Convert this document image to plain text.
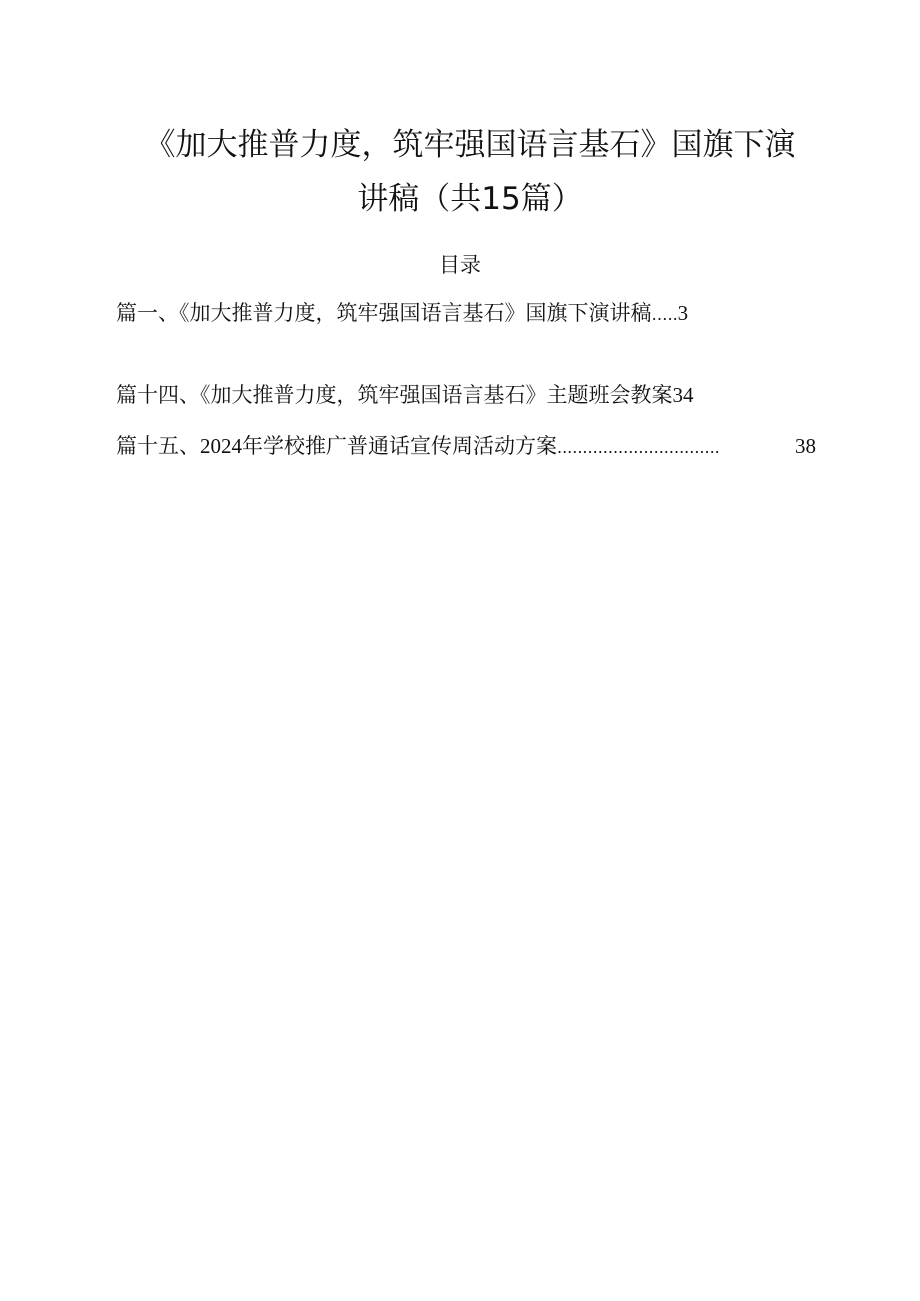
《加大推普力度，筑牢强国语言基石》国旗下演
讲稿（共15篇）
目录
篇一、《加大推普力度，筑牢强国语言基石》国旗下演讲稿 ….. 3
篇十四、《加大推普力度，筑牢强国语言基石》主题班会教案 34
篇十五、2024年学校推广普通话宣传周活动方案 ................................	38
